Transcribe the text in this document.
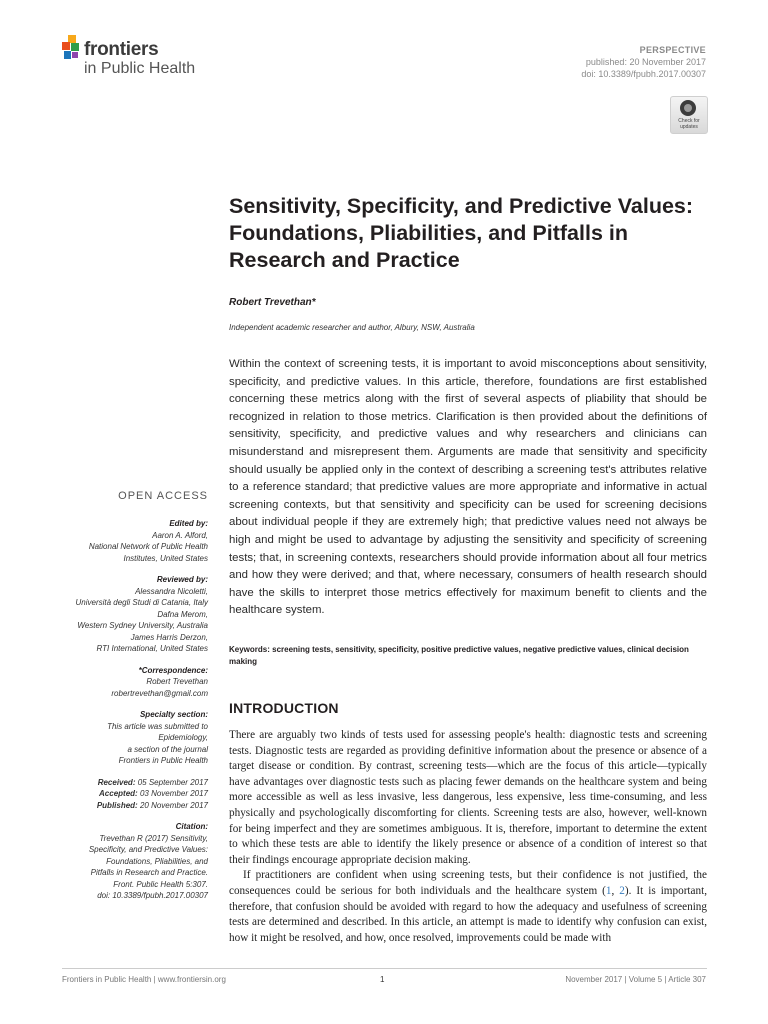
frontiers
in Public Health
PERSPECTIVE
published: 20 November 2017
doi: 10.3389/fpubh.2017.00307
Check for updates
Sensitivity, Specificity, and Predictive Values: Foundations, Pliabilities, and Pitfalls in Research and Practice
Robert Trevethan*
Independent academic researcher and author, Albury, NSW, Australia

Within the context of screening tests, it is important to avoid misconceptions about sensitivity, specificity, and predictive values. In this article, therefore, foundations are first established concerning these metrics along with the first of several aspects of pliability that should be recognized in relation to those metrics. Clarification is then provided about the definitions of sensitivity, specificity, and predictive values and why researchers and clinicians can misunderstand and misrepresent them. Arguments are made that sensitivity and specificity should usually be applied only in the context of describing a screening test's attributes relative to a reference standard; that predictive values are more appropriate and informative in actual screening contexts, but that sensitivity and specificity can be used for screening decisions about individual people if they are extremely high; that predictive values need not always be high and might be used to advantage by adjusting the sensitivity and specificity of screening tests; that, in screening contexts, researchers should provide information about all four metrics and how they were derived; and that, where necessary, consumers of health research should have the skills to interpret those metrics effectively for maximum benefit to clients and the healthcare system.

Keywords: screening tests, sensitivity, specificity, positive predictive values, negative predictive values, clinical decision making
INTRODUCTION

There are arguably two kinds of tests used for assessing people's health: diagnostic tests and screening tests. Diagnostic tests are regarded as providing definitive information about the presence or absence of a target disease or condition. By contrast, screening tests—which are the focus of this article—typically have advantages over diagnostic tests such as placing fewer demands on the healthcare system and being more accessible as well as less invasive, less dangerous, less expensive, less time-consuming, and less physically and psychologically discomforting for clients. Screening tests are also, however, well-known for being imperfect and they are sometimes ambiguous. It is, therefore, important to determine the extent to which these tests are able to identify the likely presence or absence of a condition of interest so that their findings encourage appropriate decision making.

If practitioners are confident when using screening tests, but their confidence is not justified, the consequences could be serious for both individuals and the healthcare system (1, 2). It is important, therefore, that confusion should be avoided with regard to how the adequacy and usefulness of screening tests are determined and described. In this article, an attempt is made to identify why confusion can exist, how it might be resolved, and how, once resolved, improvements could be made with

OPEN ACCESS
Edited by:
Aaron A. Alford,
National Network of Public Health
Institutes, United States
Reviewed by:
Alessandra Nicoletti,
Università degli Studi di Catania, Italy
Dafna Merom,
Western Sydney University, Australia
James Harris Derzon,
RTI International, United States
*Correspondence:
Robert Trevethan
robertrevethan@gmail.com
Specialty section:
This article was submitted to
Epidemiology,
a section of the journal
Frontiers in Public Health
Received: 05 September 2017
Accepted: 03 November 2017
Published: 20 November 2017
Citation:
Trevethan R (2017) Sensitivity,
Specificity, and Predictive Values:
Foundations, Pliabilities, and
Pitfalls in Research and Practice.
Front. Public Health 5:307.
doi: 10.3389/fpubh.2017.00307
Frontiers in Public Health | www.frontiersin.org	1	November 2017 | Volume 5 | Article 307
